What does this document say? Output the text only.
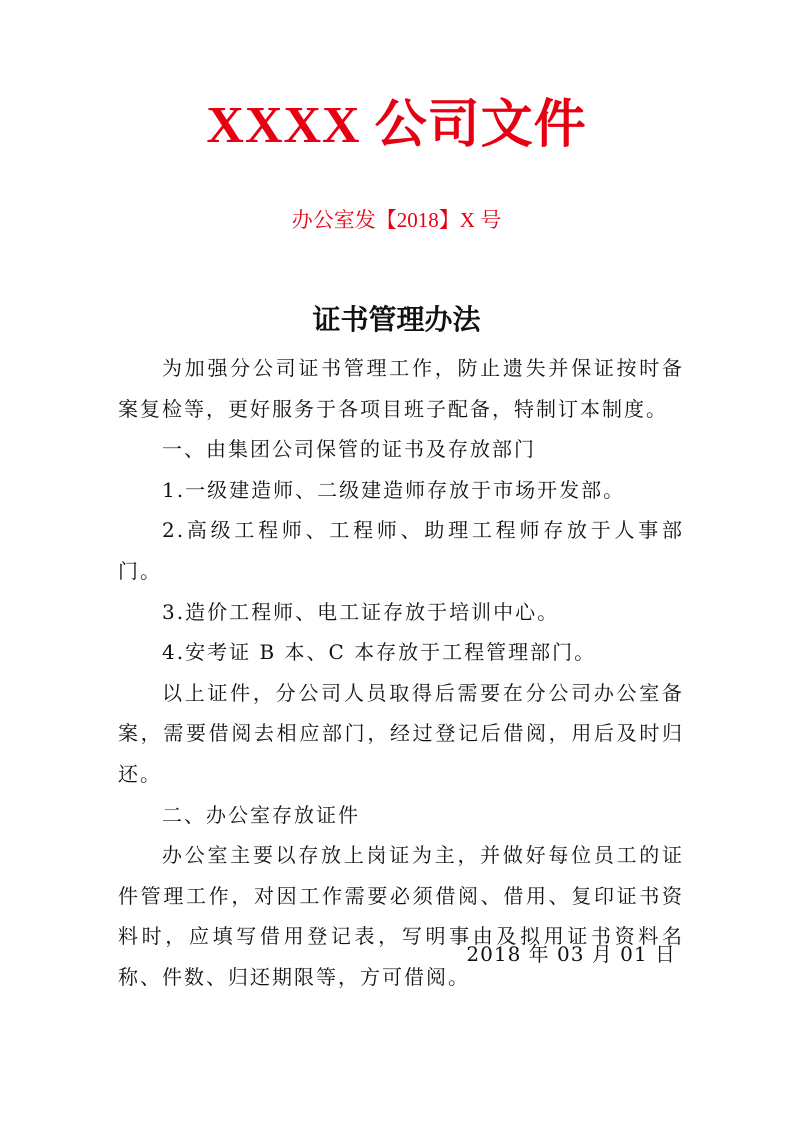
XXXX 公司文件
办公室发【2018】X 号
证书管理办法

为加强分公司证书管理工作，防止遗失并保证按时备案复检等，更好服务于各项目班子配备，特制订本制度。

一、由集团公司保管的证书及存放部门

1.一级建造师、二级建造师存放于市场开发部。

2.高级工程师、工程师、助理工程师存放于人事部门。

3.造价工程师、电工证存放于培训中心。

4.安考证 B 本、C 本存放于工程管理部门。

以上证件，分公司人员取得后需要在分公司办公室备案，需要借阅去相应部门，经过登记后借阅，用后及时归还。

二、办公室存放证件

办公室主要以存放上岗证为主，并做好每位员工的证件管理工作，对因工作需要必须借阅、借用、复印证书资料时，应填写借用登记表，写明事由及拟用证书资料名称、件数、归还期限等，方可借阅。

2018 年 03 月 01 日
